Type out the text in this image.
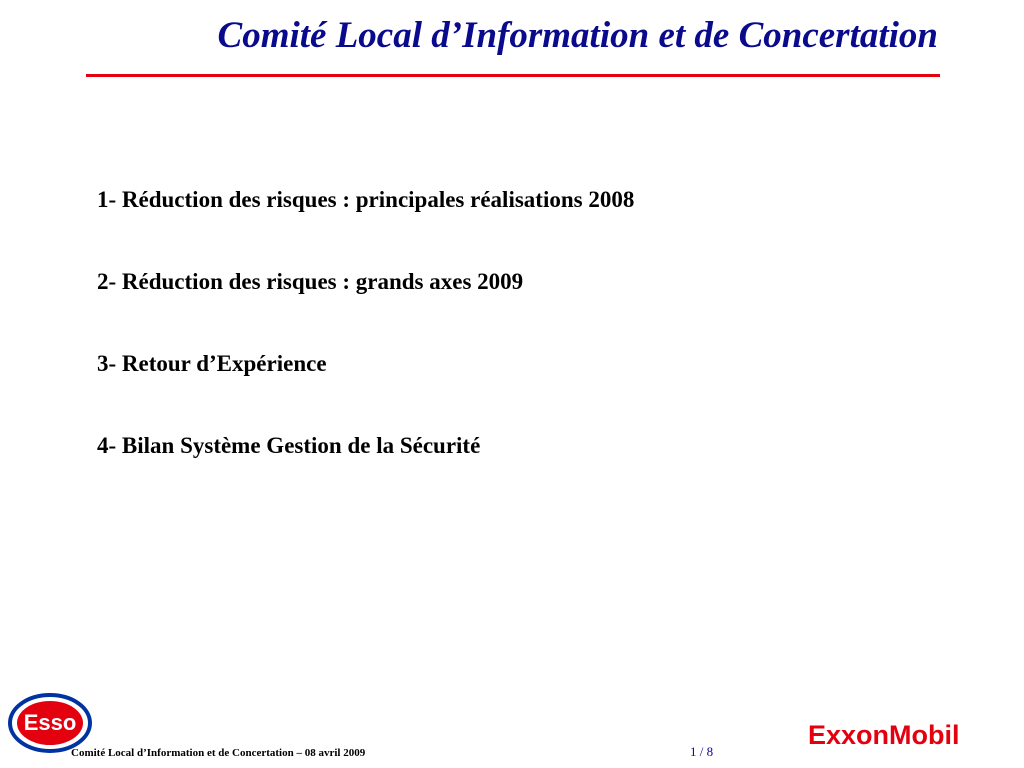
Comité Local d’Information et de Concertation
1- Réduction des risques : principales réalisations 2008
2- Réduction des risques : grands axes 2009
3- Retour d’Expérience
4- Bilan Système Gestion de la Sécurité
Esso	ExxonMobil
Comité Local d’Information et de Concertation – 08 avril 2009	1 / 8
